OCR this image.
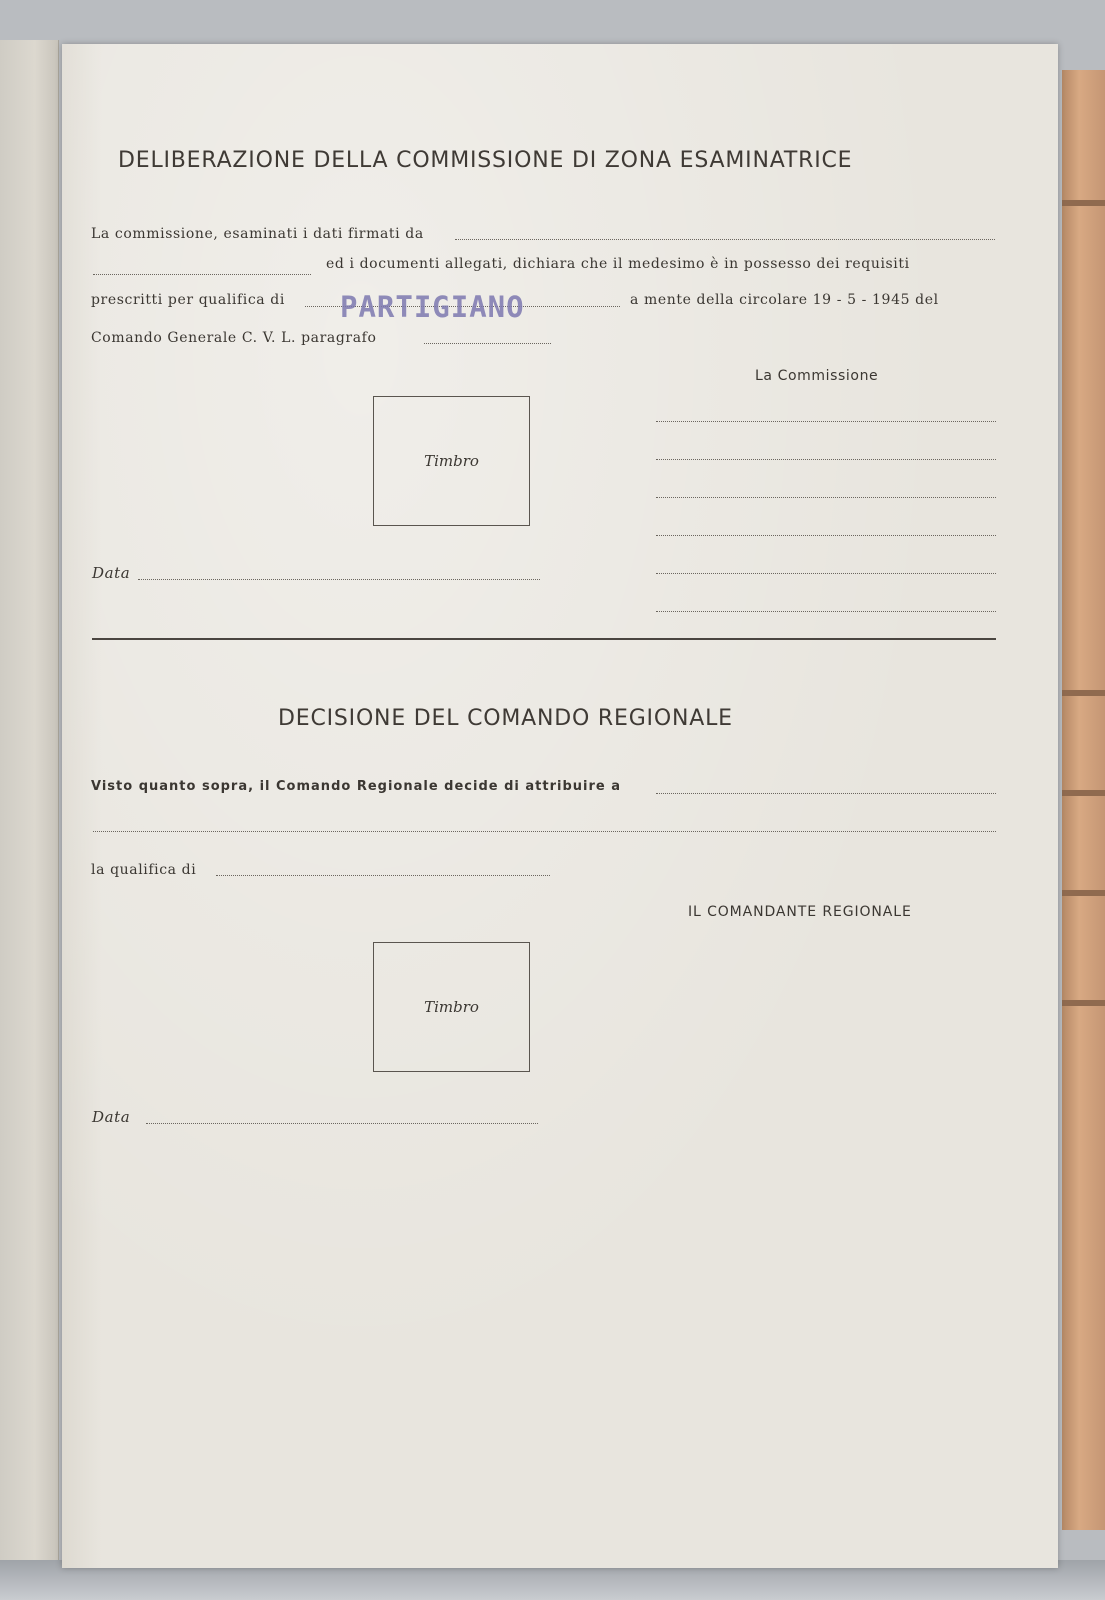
DELIBERAZIONE DELLA COMMISSIONE DI ZONA ESAMINATRICE
La commissione, esaminati i dati firmati da
ed i documenti allegati, dichiara che il medesimo è in possesso dei requisiti
prescritti per qualifica di PARTIGIANO	a mente della circolare 19 - 5 - 1945 del
Comando Generale C. V. L. paragrafo
La Commissione
Timbro
Data
DECISIONE DEL COMANDO REGIONALE
Visto quanto sopra, il Comando Regionale decide di attribuire a
la qualifica di
IL COMANDANTE REGIONALE
Timbro
Data
